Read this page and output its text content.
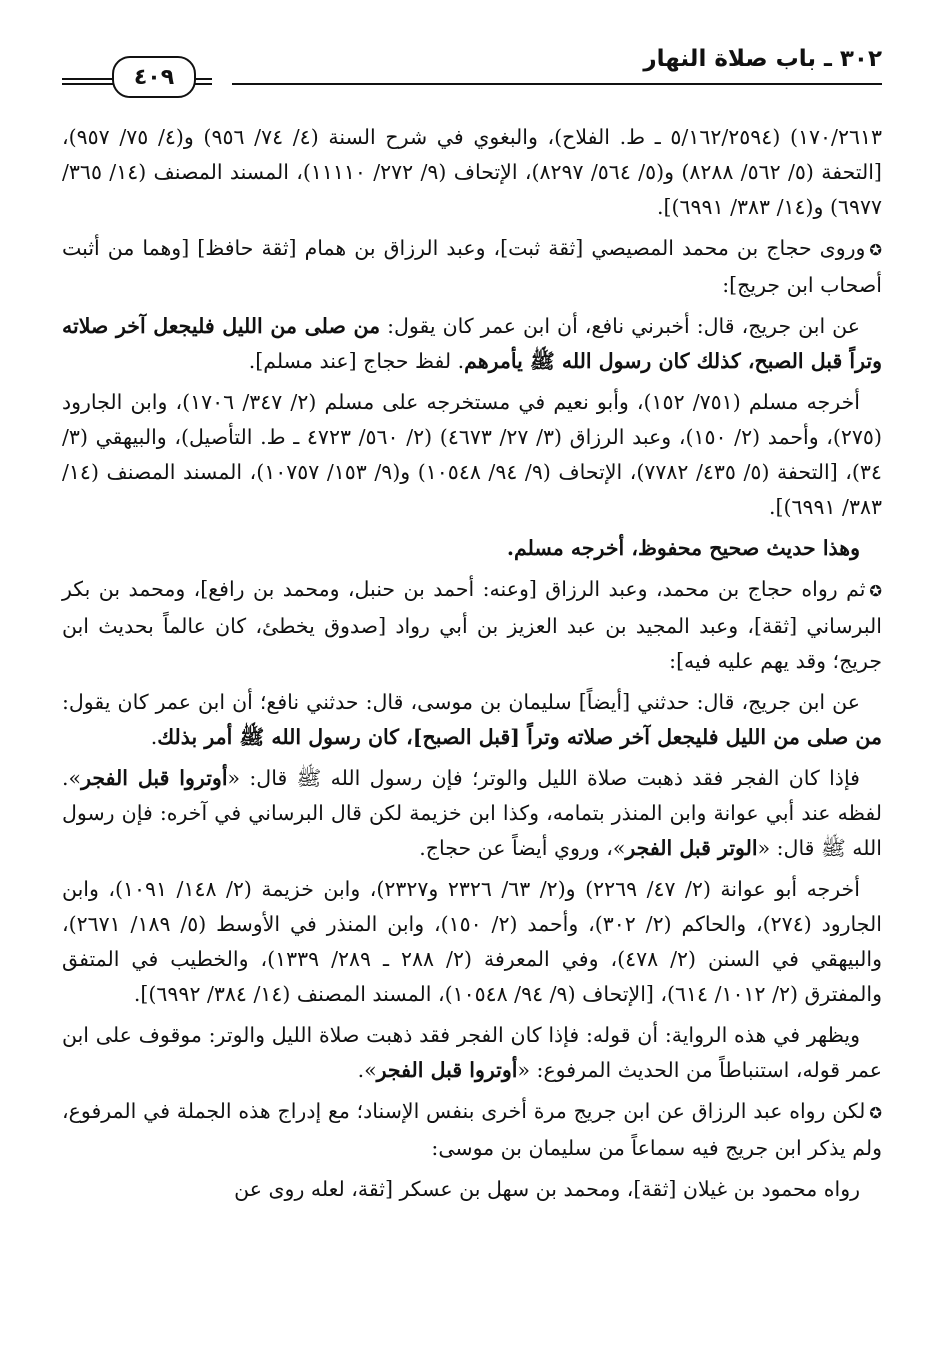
٣٠٢ ـ باب صلاة النهار
٤٠٩

١٧٠/٢٦١٣) (٥/١٦٢/٢٥٩٤ ـ ط. الفلاح)، والبغوي في شرح السنة (٤/ ٧٤/ ٩٥٦) و(٤/ ٧٥/ ٩٥٧)، [التحفة (٥/ ٥٦٢/ ٨٢٨٨) و(٥/ ٥٦٤/ ٨٢٩٧)، الإتحاف (٩/ ٢٧٢/ ١١١١٠)، المسند المصنف (١٤/ ٣٦٥/ ٦٩٧٧) و(١٤/ ٣٨٣/ ٦٩٩١)].

✪وروى حجاج بن محمد المصيصي [ثقة ثبت]، وعبد الرزاق بن همام [ثقة حافظ] [وهما من أثبت أصحاب ابن جريج]:

عن ابن جريج، قال: أخبرني نافع، أن ابن عمر كان يقول: من صلى من الليل فليجعل آخر صلاته وتراً قبل الصبح، كذلك كان رسول الله ﷺ يأمرهم. لفظ حجاج [عند مسلم].

أخرجه مسلم (٧٥١/ ١٥٢)، وأبو نعيم في مستخرجه على مسلم (٢/ ٣٤٧/ ١٧٠٦)، وابن الجارود (٢٧٥)، وأحمد (٢/ ١٥٠)، وعبد الرزاق (٣/ ٢٧/ ٤٦٧٣) (٢/ ٥٦٠/ ٤٧٢٣ ـ ط. التأصيل)، والبيهقي (٣/ ٣٤)، [التحفة (٥/ ٤٣٥/ ٧٧٨٢)، الإتحاف (٩/ ٩٤/ ١٠٥٤٨) و(٩/ ١٥٣/ ١٠٧٥٧)، المسند المصنف (١٤/ ٣٨٣/ ٦٩٩١)].

وهذا حديث صحيح محفوظ، أخرجه مسلم.

✪ثم رواه حجاج بن محمد، وعبد الرزاق [وعنه: أحمد بن حنبل، ومحمد بن رافع]، ومحمد بن بكر البرساني [ثقة]، وعبد المجيد بن عبد العزيز بن أبي رواد [صدوق يخطئ، كان عالماً بحديث ابن جريج؛ وقد يهم عليه فيه]:

عن ابن جريج، قال: حدثني [أيضاً] سليمان بن موسى، قال: حدثني نافع؛ أن ابن عمر كان يقول: من صلى من الليل فليجعل آخر صلاته وتراً [قبل الصبح]، كان رسول الله ﷺ أمر بذلك.

فإذا كان الفجر فقد ذهبت صلاة الليل والوتر؛ فإن رسول الله ﷺ قال: «أوتروا قبل الفجر». لفظه عند أبي عوانة وابن المنذر بتمامه، وكذا ابن خزيمة لكن قال البرساني في آخره: فإن رسول الله ﷺ قال: «الوتر قبل الفجر»، وروي أيضاً عن حجاج.

أخرجه أبو عوانة (٢/ ٤٧/ ٢٢٦٩) و(٢/ ٦٣/ ٢٣٢٦ و٢٣٢٧)، وابن خزيمة (٢/ ١٤٨/ ١٠٩١)، وابن الجارود (٢٧٤)، والحاكم (٢/ ٣٠٢)، وأحمد (٢/ ١٥٠)، وابن المنذر في الأوسط (٥/ ١٨٩/ ٢٦٧١)، والبيهقي في السنن (٢/ ٤٧٨)، وفي المعرفة (٢/ ٢٨٨ ـ ٢٨٩/ ١٣٣٩)، والخطيب في المتفق والمفترق (٢/ ١٠١٢/ ٦١٤)، [الإتحاف (٩/ ٩٤/ ١٠٥٤٨)، المسند المصنف (١٤/ ٣٨٤/ ٦٩٩٢)].

ويظهر في هذه الرواية: أن قوله: فإذا كان الفجر فقد ذهبت صلاة الليل والوتر: موقوف على ابن عمر قوله، استنباطاً من الحديث المرفوع: «أوتروا قبل الفجر».

✪لكن رواه عبد الرزاق عن ابن جريج مرة أخرى بنفس الإسناد؛ مع إدراج هذه الجملة في المرفوع، ولم يذكر ابن جريج فيه سماعاً من سليمان بن موسى:

رواه محمود بن غيلان [ثقة]، ومحمد بن سهل بن عسكر [ثقة، لعله روى عن
